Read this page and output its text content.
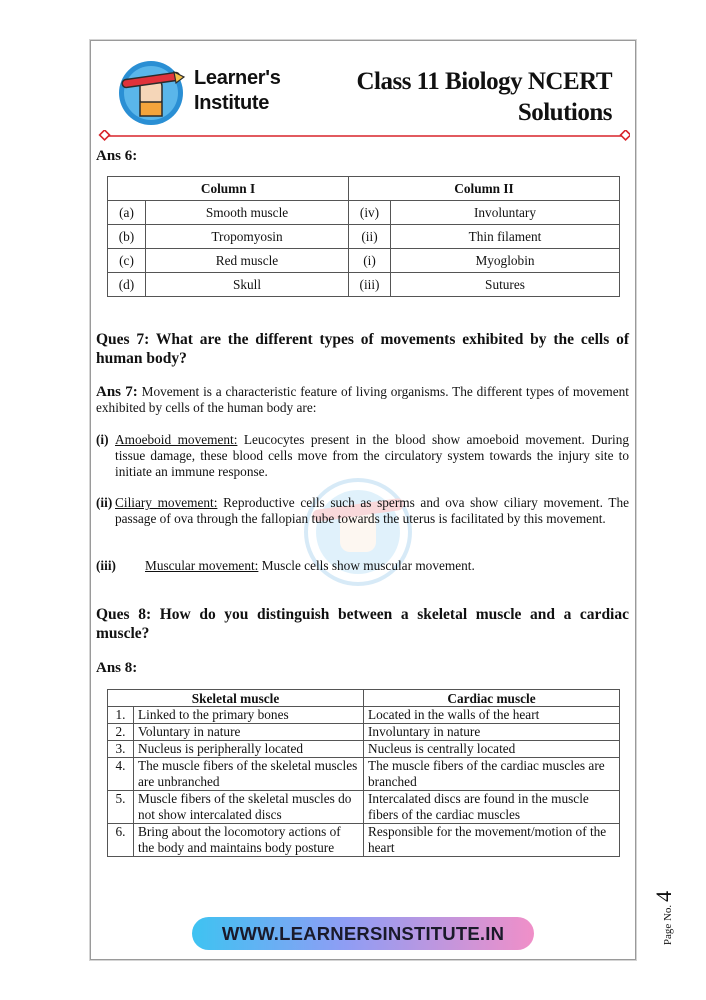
Learner's
Institute
Class 11 Biology NCERT
Solutions
Ans 6:
Column I		Column II	
(a)	Smooth muscle	(iv)	Involuntary
(b)	Tropomyosin	(ii)	Thin filament
(c)	Red muscle	(i)	Myoglobin
(d)	Skull	(iii)	Sutures
Ques 7: What are the different types of movements exhibited by the cells of human body?
Ans 7: Movement is a characteristic feature of living organisms. The different types of movement exhibited by cells of the human body are:
(i) Amoeboid movement: Leucocytes present in the blood show amoeboid movement. During tissue damage, these blood cells move from the circulatory system towards the injury site to initiate an immune response.
(ii) Ciliary movement: Reproductive cells such as sperms and ova show ciliary movement. The passage of ova through the fallopian tube towards the uterus is facilitated by this movement.
(iii) Muscular movement: Muscle cells show muscular movement.
Ques 8: How do you distinguish between a skeletal muscle and a cardiac muscle?
Ans 8:
Skeletal muscle		Cardiac muscle
1.	Linked to the primary bones	Located in the walls of the heart
2.	Voluntary in nature	Involuntary in nature
3.	Nucleus is peripherally located	Nucleus is centrally located
4.	The muscle fibers of the skeletal muscles are unbranched	The muscle fibers of the cardiac muscles are branched
5.	Muscle fibers of the skeletal muscles do not show intercalated discs	Intercalated discs are found in the muscle fibers of the cardiac muscles
6.	Bring about the locomotory actions of the body and maintains body posture	Responsible for the movement/motion of the heart
WWW.LEARNERSINSTITUTE.IN	Page No.4
